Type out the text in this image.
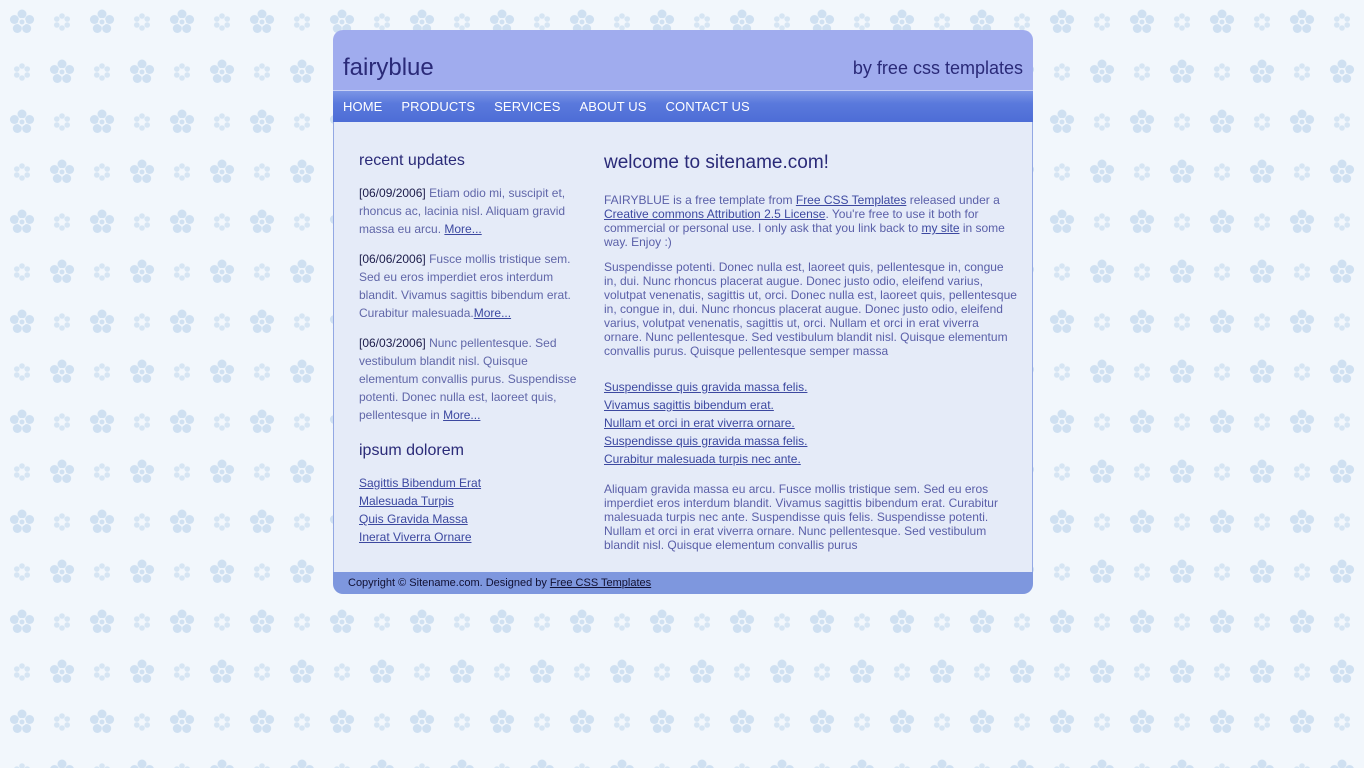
fairyblue	by free css templates
HOME PRODUCTS SERVICES ABOUT US CONTACT US
recent updates
[06/09/2006] Etiam odio mi, suscipit et, rhoncus ac, lacinia nisl. Aliquam gravid massa eu arcu. More...
[06/06/2006] Fusce mollis tristique sem. Sed eu eros imperdiet eros interdum blandit. Vivamus sagittis bibendum erat. Curabitur malesuada.More...
[06/03/2006] Nunc pellentesque. Sed vestibulum blandit nisl. Quisque elementum convallis purus. Suspendisse potenti. Donec nulla est, laoreet quis, pellentesque in More...
ipsum dolorem
Sagittis Bibendum Erat
Malesuada Turpis
Quis Gravida Massa
Inerat Viverra Ornare
welcome to sitename.com!

FAIRYBLUE is a free template from Free CSS Templates released under a Creative commons Attribution 2.5 License. You're free to use it both for commercial or personal use. I only ask that you link back to my site in some way. Enjoy :)

Suspendisse potenti. Donec nulla est, laoreet quis, pellentesque in, congue in, dui. Nunc rhoncus placerat augue. Donec justo odio, eleifend varius, volutpat venenatis, sagittis ut, orci. Donec nulla est, laoreet quis, pellentesque in, congue in, dui. Nunc rhoncus placerat augue. Donec justo odio, eleifend varius, volutpat venenatis, sagittis ut, orci. Nullam et orci in erat viverra ornare. Nunc pellentesque. Sed vestibulum blandit nisl. Quisque elementum convallis purus. Quisque pellentesque semper massa

Suspendisse quis gravida massa felis.
Vivamus sagittis bibendum erat.
Nullam et orci in erat viverra ornare.
Suspendisse quis gravida massa felis.
Curabitur malesuada turpis nec ante.

Aliquam gravida massa eu arcu. Fusce mollis tristique sem. Sed eu eros imperdiet eros interdum blandit. Vivamus sagittis bibendum erat. Curabitur malesuada turpis nec ante. Suspendisse quis felis. Suspendisse potenti. Nullam et orci in erat viverra ornare. Nunc pellentesque. Sed vestibulum blandit nisl. Quisque elementum convallis purus

Copyright © Sitename.com. Designed by Free CSS Templates
